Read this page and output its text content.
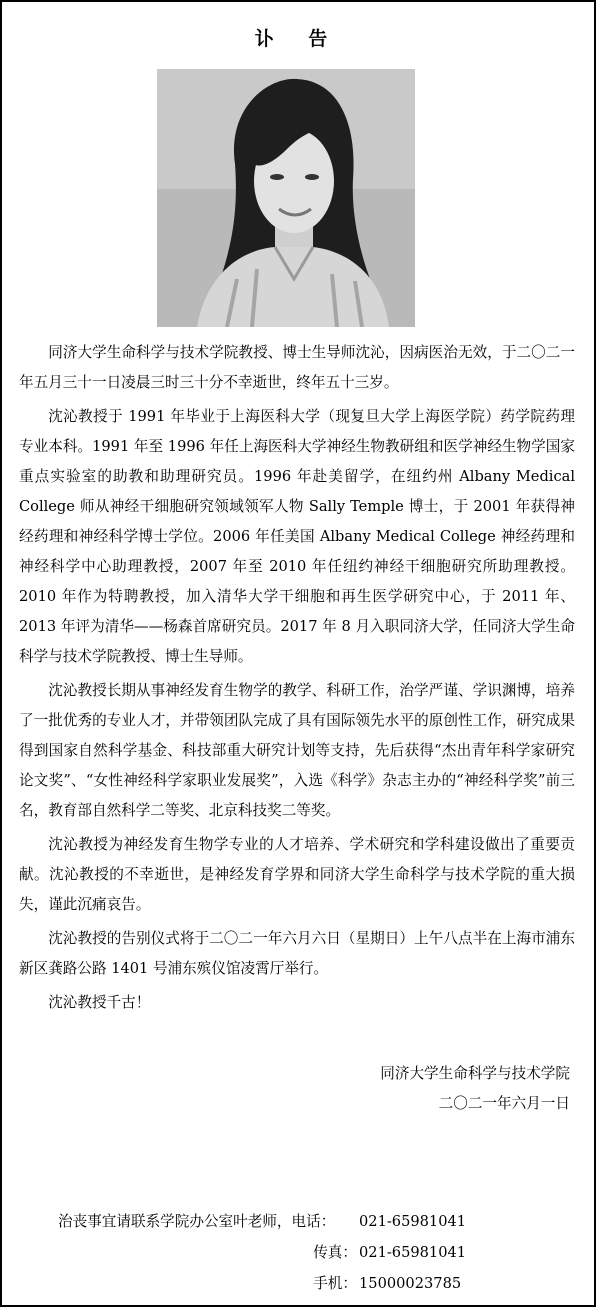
讣 告

同济大学生命科学与技术学院教授、博士生导师沈沁，因病医治无效，于二〇二一年五月三十一日凌晨三时三十分不幸逝世，终年五十三岁。

沈沁教授于 1991 年毕业于上海医科大学（现复旦大学上海医学院）药学院药理专业本科。1991 年至 1996 年任上海医科大学神经生物教研组和医学神经生物学国家重点实验室的助教和助理研究员。1996 年赴美留学，在纽约州 Albany Medical College 师从神经干细胞研究领域领军人物 Sally Temple 博士，于 2001 年获得神经药理和神经科学博士学位。2006 年任美国 Albany Medical College 神经药理和神经科学中心助理教授，2007 年至 2010 年任纽约神经干细胞研究所助理教授。2010 年作为特聘教授，加入清华大学干细胞和再生医学研究中心，于 2011 年、2013 年评为清华——杨森首席研究员。2017 年 8 月入职同济大学，任同济大学生命科学与技术学院教授、博士生导师。

沈沁教授长期从事神经发育生物学的教学、科研工作，治学严谨、学识渊博，培养了一批优秀的专业人才，并带领团队完成了具有国际领先水平的原创性工作，研究成果得到国家自然科学基金、科技部重大研究计划等支持，先后获得“杰出青年科学家研究论文奖”、“女性神经科学家职业发展奖”，入选《科学》杂志主办的“神经科学奖”前三名，教育部自然科学二等奖、北京科技奖二等奖。

沈沁教授为神经发育生物学专业的人才培养、学术研究和学科建设做出了重要贡献。沈沁教授的不幸逝世，是神经发育学界和同济大学生命科学与技术学院的重大损失，谨此沉痛哀告。

沈沁教授的告别仪式将于二〇二一年六月六日（星期日）上午八点半在上海市浦东新区龚路公路 1401 号浦东殡仪馆凌霄厅举行。

沈沁教授千古！

同济大学生命科学与技术学院
二〇二一年六月一日
治丧事宜请联系学院办公室叶老师，电话： 021-65981041
传真： 021-65981041
手机： 15000023785
